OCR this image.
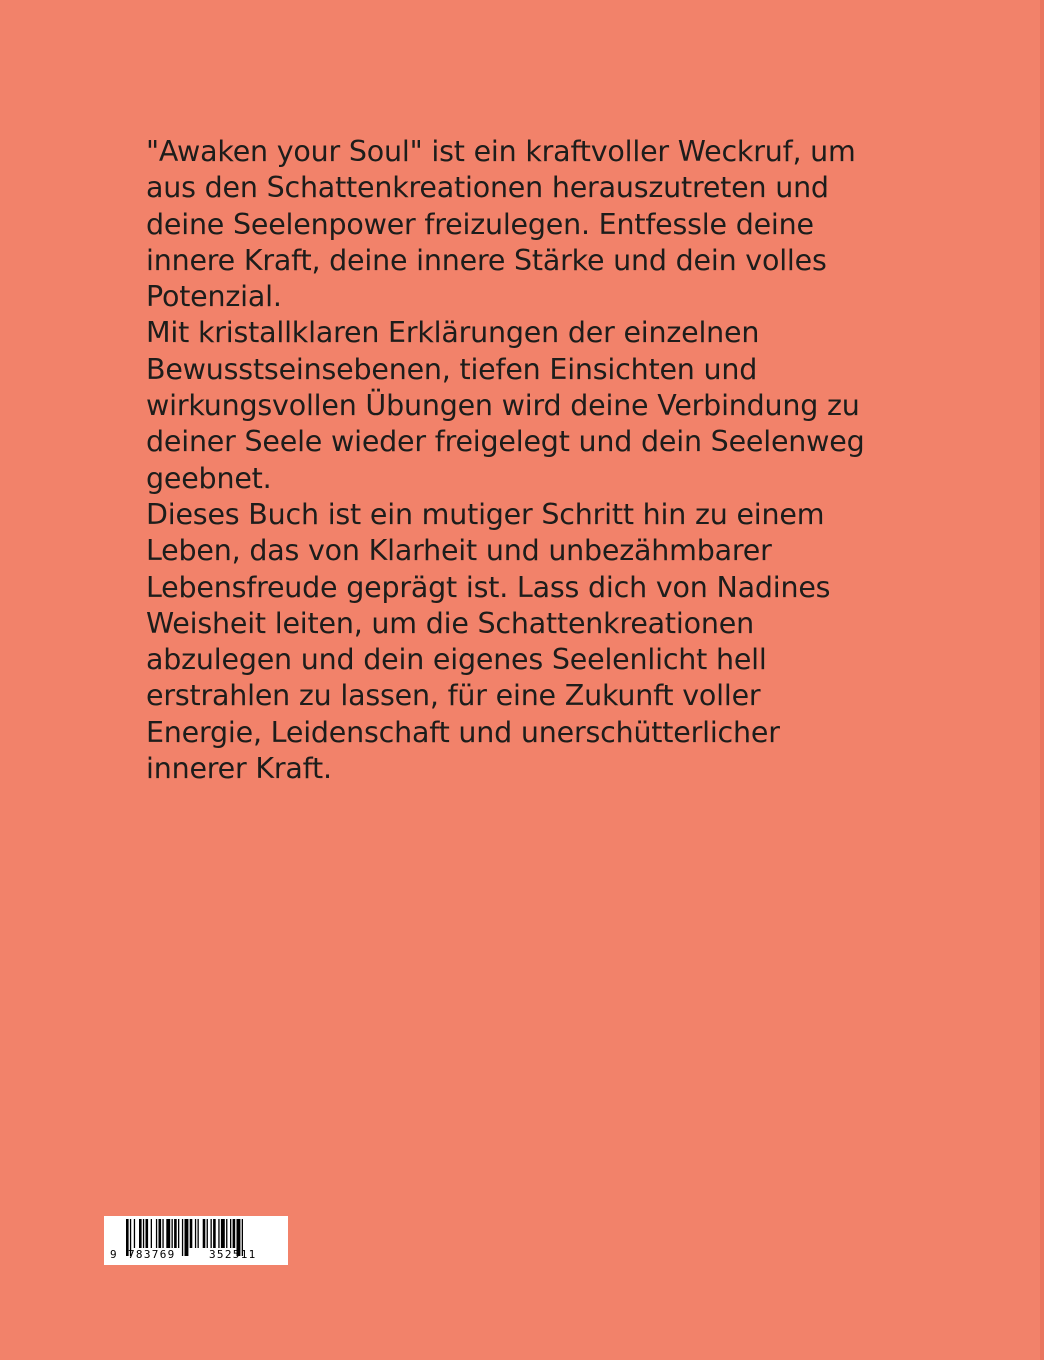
"Awaken your Soul" ist ein kraftvoller Weckruf, um
aus den Schattenkreationen herauszutreten und
deine Seelenpower freizulegen. Entfessle deine
innere Kraft, deine innere Stärke und dein volles
Potenzial.
Mit kristallklaren Erklärungen der einzelnen
Bewusstseinsebenen, tiefen Einsichten und
wirkungsvollen Übungen wird deine Verbindung zu
deiner Seele wieder freigelegt und dein Seelenweg
geebnet.
Dieses Buch ist ein mutiger Schritt hin zu einem
Leben, das von Klarheit und unbezähmbarer
Lebensfreude geprägt ist. Lass dich von Nadines
Weisheit leiten, um die Schattenkreationen
abzulegen und dein eigenes Seelenlicht hell
erstrahlen zu lassen, für eine Zukunft voller
Energie, Leidenschaft und unerschütterlicher
innerer Kraft.
9 783769	352511
